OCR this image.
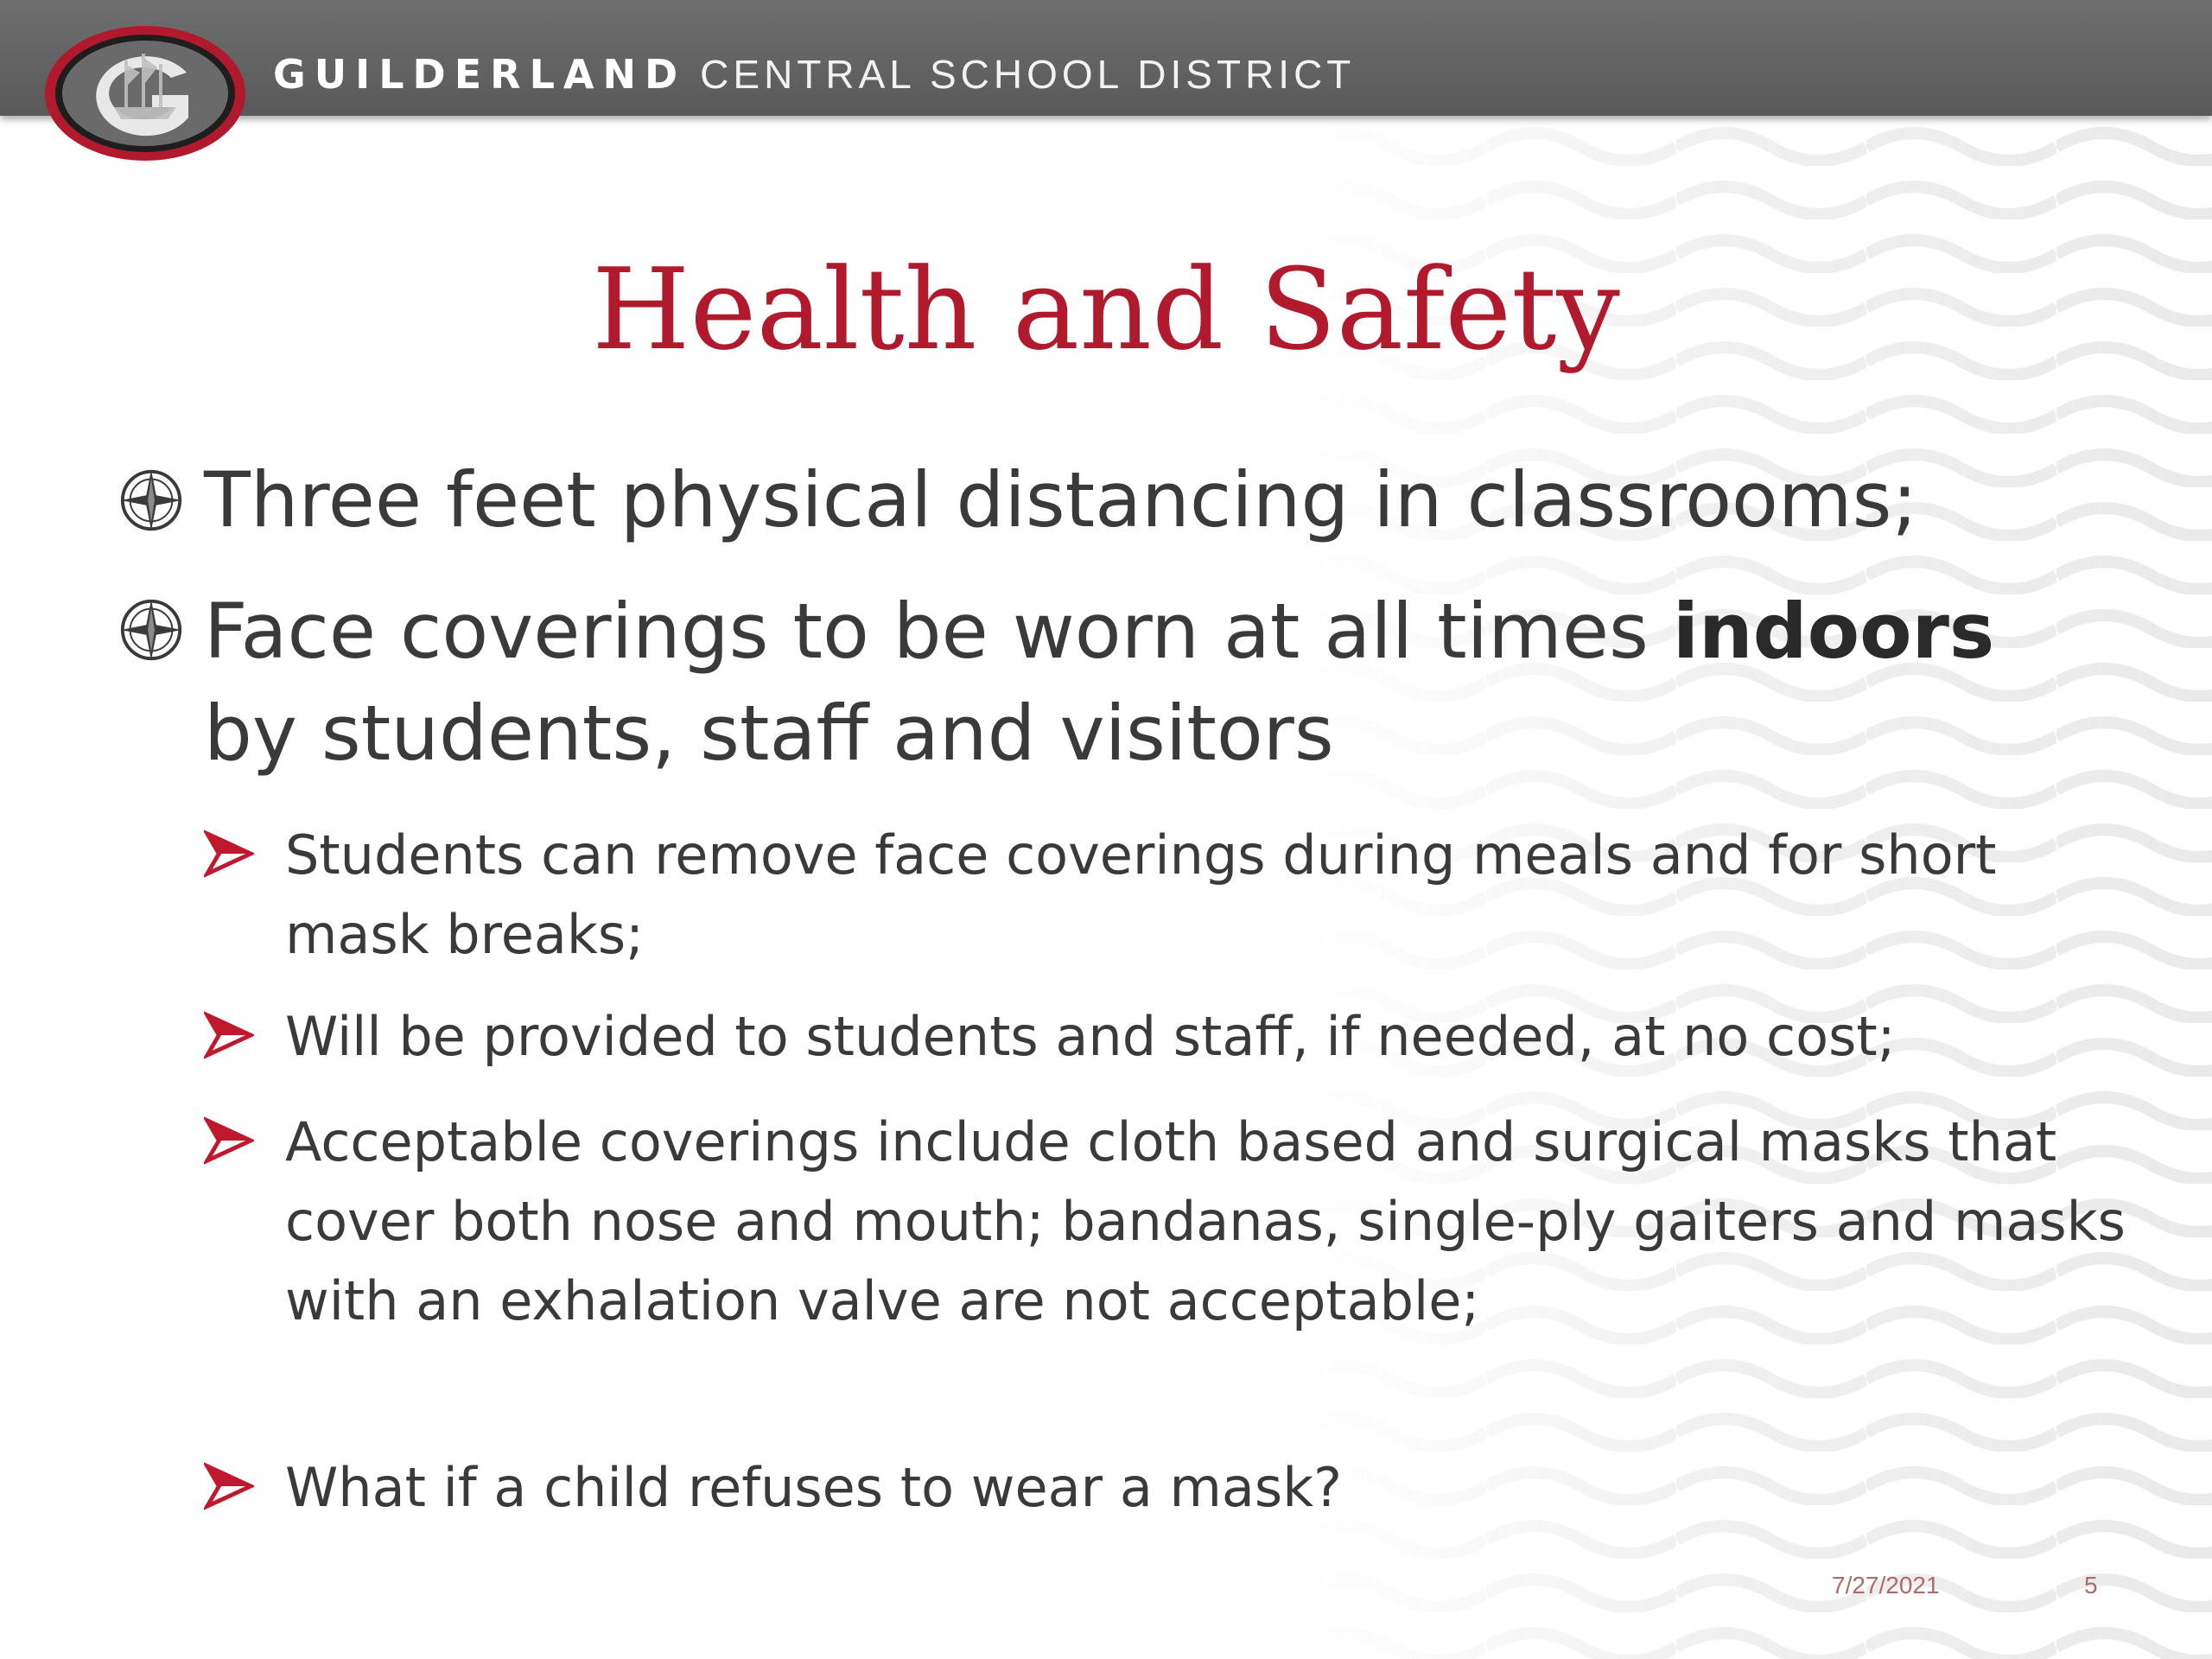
GUILDERLAND CENTRAL SCHOOL DISTRICT
Health and Safety
Three feet physical distancing in classrooms;
Face coverings to be worn at all times indoors
by students, staff and visitors
Students can remove face coverings during meals and for short mask breaks;
Will be provided to students and staff, if needed, at no cost;
Acceptable coverings include cloth based and surgical masks that cover both nose and mouth; bandanas, single-ply gaiters and masks with an exhalation valve are not acceptable;
What if a child refuses to wear a mask?
7/27/2021	5
